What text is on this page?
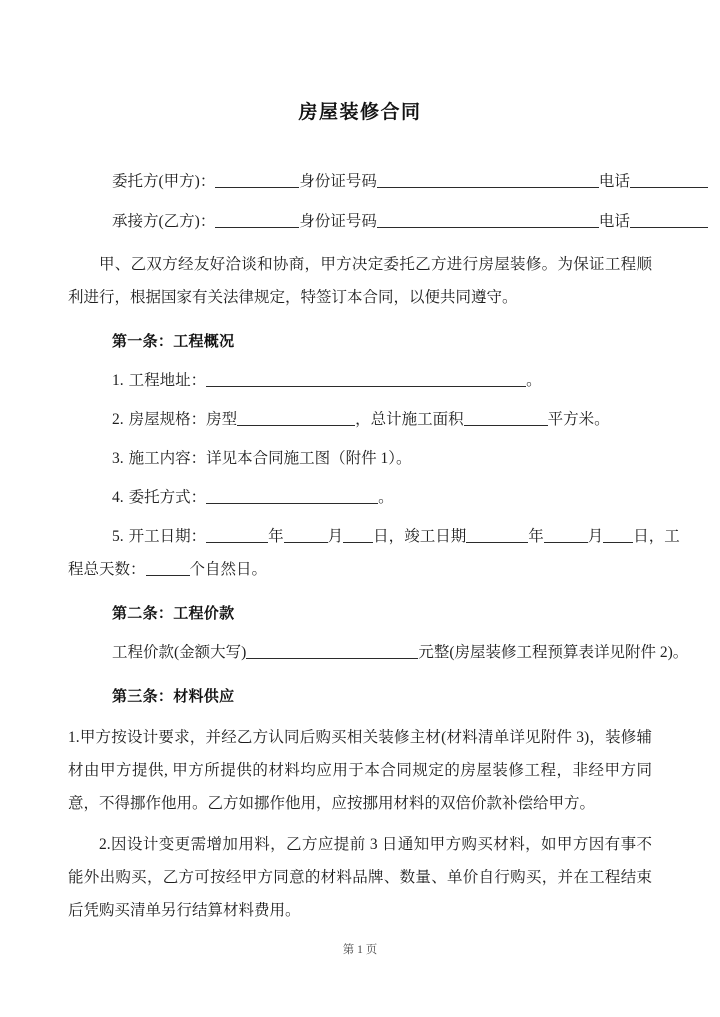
房屋装修合同
委托方(甲方)：	身份证号码	电话
承接方(乙方)：	身份证号码	电话

甲、乙双方经友好洽谈和协商，甲方决定委托乙方进行房屋装修。为保证工程顺利进行，根据国家有关法律规定，特签订本合同，以便共同遵守。

第一条：工程概况
1. 工程地址：	。
2. 房屋规格：房型	，总计施工面积	平方米。
3. 施工内容：详见本合同施工图（附件 1）。
4. 委托方式：	。
5. 开工日期：	年	月 日，竣工日期	年	月 日，工
程总天数：	个自然日。
第二条：工程价款
工程价款(金额大写)	元整(房屋装修工程预算表详见附件 2)。
第三条：材料供应

1.甲方按设计要求，并经乙方认同后购买相关装修主材(材料清单详见附件 3)，装修辅材由甲方提供, 甲方所提供的材料均应用于本合同规定的房屋装修工程，非经甲方同意，不得挪作他用。乙方如挪作他用，应按挪用材料的双倍价款补偿给甲方。

2.因设计变更需增加用料，乙方应提前 3 日通知甲方购买材料，如甲方因有事不能外出购买，乙方可按经甲方同意的材料品牌、数量、单价自行购买，并在工程结束后凭购买清单另行结算材料费用。

第 1 页
